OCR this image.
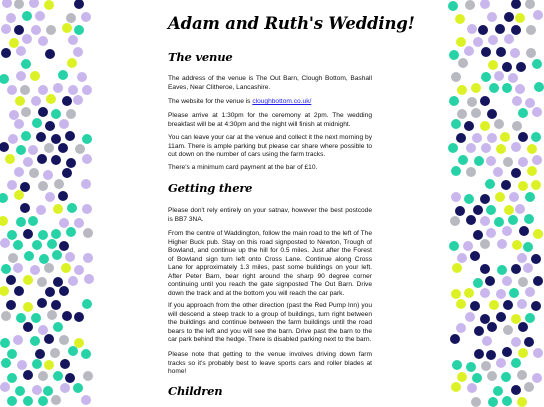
Adam and Ruth's Wedding!
The venue

The address of the venue is The Out Barn, Clough Bottom, Bashall Eaves, Near Clitheroe, Lancashire.

The website for the venue is cloughbottom.co.uk/

Please arrive at 1:30pm for the ceremony at 2pm. The wedding breakfast will be at 4:30pm and the night will finish at midnight.

You can leave your car at the venue and collect it the next morning by 11am. There is ample parking but please car share where possible to cut down on the number of cars using the farm tracks.

There's a minimum card payment at the bar of £10.

Getting there

Please don't rely entirely on your satnav, however the best postcode is BB7 3NA.

From the centre of Waddington, follow the main road to the left of The Higher Buck pub. Stay on this road signposted to Newton, Trough of Bowland, and continue up the hill for 0.5 miles. Just after the Forest of Bowland sign turn left onto Cross Lane. Continue along Cross Lane for approximately 1.3 miles, past some buildings on your left. After Peter Barn, bear right around the sharp 90 degree corner continuing until you reach the gate signposted The Out Barn. Drive down the track and at the bottom you will reach the car park.

If you approach from the other direction (past the Red Pump Inn) you will descend a steep track to a group of buildings, turn right between the buildings and continue between the farm buildings until the road bears to the left and you will see the barn. Drive past the barn to the car park behind the hedge. There is disabled parking next to the barn.

Please note that getting to the venue involves driving down farm tracks so it's probably best to leave sports cars and roller blades at home!

Children
